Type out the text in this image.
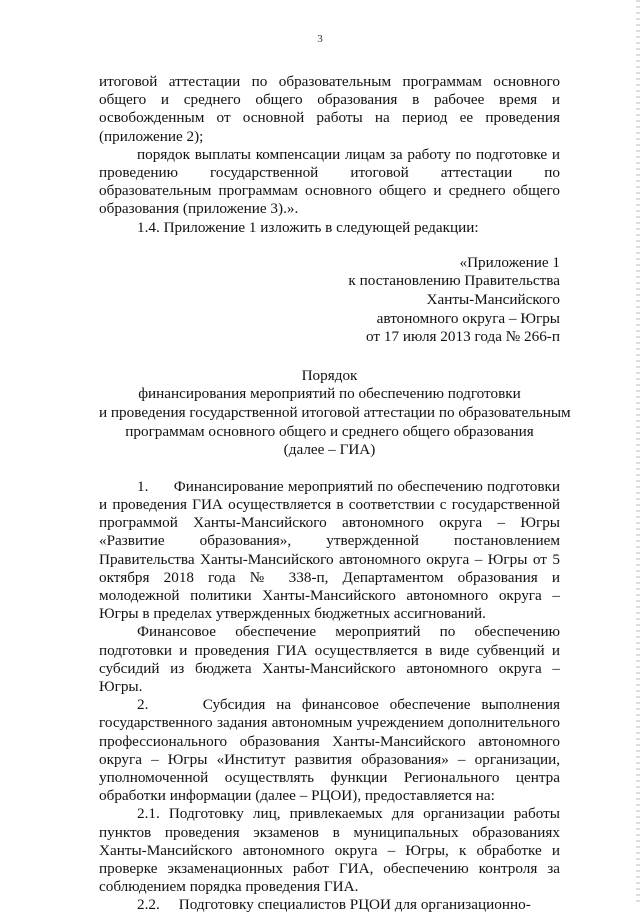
3

итоговой аттестации по образовательным программам основного общего и среднего общего образования в рабочее время и освобожденным от основной работы на период ее проведения (приложение 2);

порядок выплаты компенсации лицам за работу по подготовке и проведению государственной итоговой аттестации по образовательным программам основного общего и среднего общего образования (приложение 3).».

1.4. Приложение 1 изложить в следующей редакции:

«Приложение 1
к постановлению Правительства
Ханты-Мансийского
автономного округа – Югры
от 17 июля 2013 года № 266-п
Порядок
финансирования мероприятий по обеспечению подготовки
и проведения государственной итоговой аттестации по образовательным
программам основного общего и среднего общего образования
(далее – ГИА)

1.      Финансирование мероприятий по обеспечению подготовки и проведения ГИА осуществляется в соответствии с государственной программой Ханты-Мансийского автономного округа – Югры «Развитие образования», утвержденной постановлением Правительства Ханты-Мансийского автономного округа – Югры от 5 октября 2018 года № 338-п, Департаментом образования и молодежной политики Ханты-Мансийского автономного округа – Югры в пределах утвержденных бюджетных ассигнований.

Финансовое обеспечение мероприятий по обеспечению подготовки и проведения ГИА осуществляется в виде субвенций и субсидий из бюджета Ханты-Мансийского автономного округа – Югры.

2.     Субсидия на финансовое обеспечение выполнения государственного задания автономным учреждением дополнительного профессионального образования Ханты-Мансийского автономного округа – Югры «Институт развития образования» – организации, уполномоченной осуществлять функции Регионального центра обработки информации (далее – РЦОИ), предоставляется на:

2.1. Подготовку лиц, привлекаемых для организации работы пунктов проведения экзаменов в муниципальных образованиях Ханты-Мансийского автономного округа – Югры, к обработке и проверке экзаменационных работ ГИА, обеспечению контроля за соблюдением порядка проведения ГИА.

2.2.     Подготовку специалистов РЦОИ для организационно-
